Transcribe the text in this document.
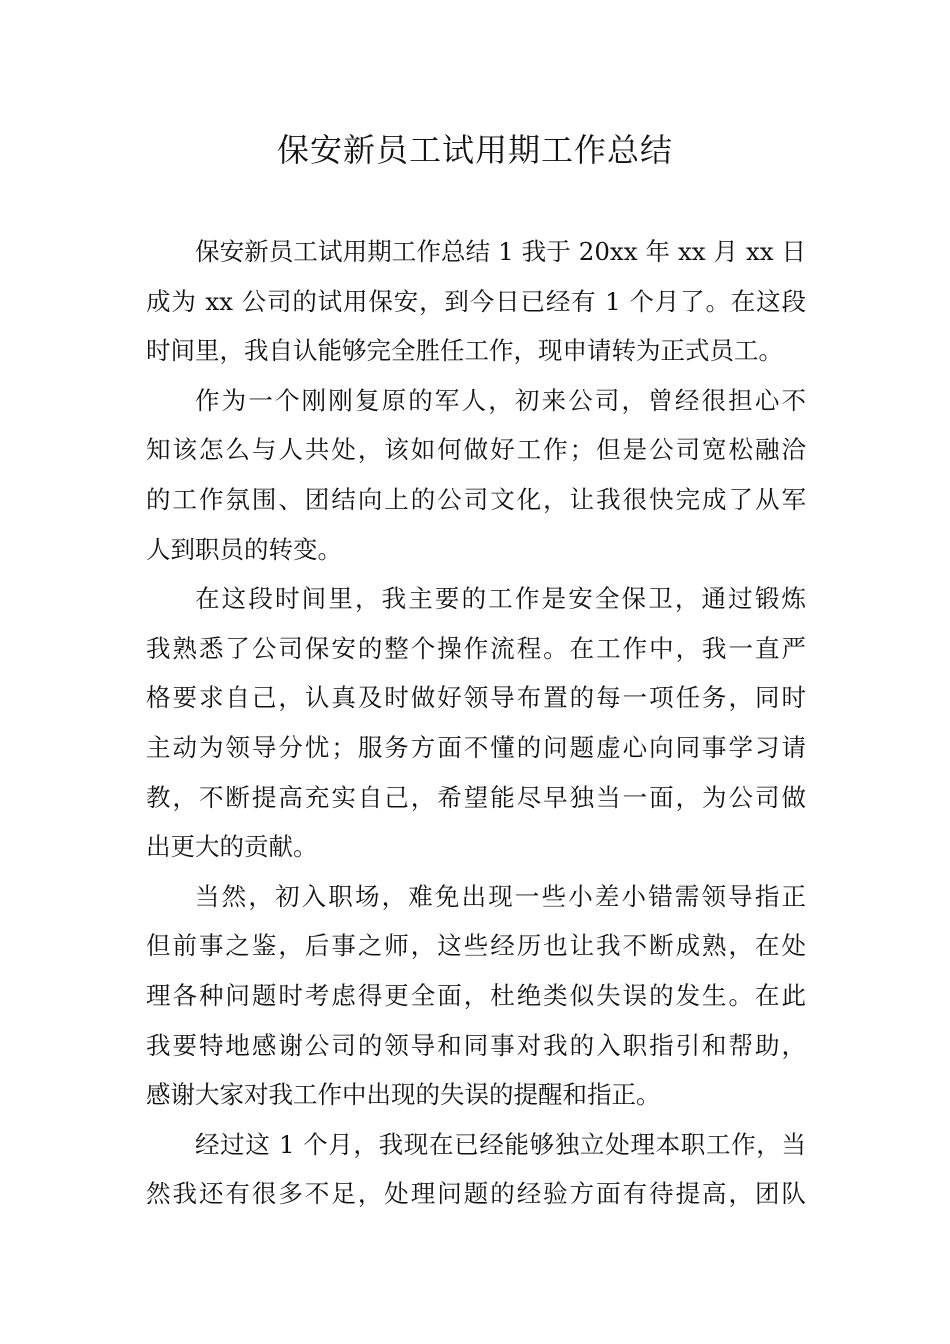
保安新员工试用期工作总结
保安新员工试用期工作总结 1 我于 20xx 年 xx 月 xx 日
成为 xx 公司的试用保安，到今日已经有 1 个月了。在这段
时间里，我自认能够完全胜任工作，现申请转为正式员工。
作为一个刚刚复原的军人，初来公司，曾经很担心不
知该怎么与人共处，该如何做好工作；但是公司宽松融洽
的工作氛围、团结向上的公司文化，让我很快完成了从军
人到职员的转变。
在这段时间里，我主要的工作是安全保卫，通过锻炼
我熟悉了公司保安的整个操作流程。在工作中，我一直严
格要求自己，认真及时做好领导布置的每一项任务，同时
主动为领导分忧；服务方面不懂的问题虚心向同事学习请
教，不断提高充实自己，希望能尽早独当一面，为公司做
出更大的贡献。
当然，初入职场，难免出现一些小差小错需领导指正
但前事之鉴，后事之师，这些经历也让我不断成熟，在处
理各种问题时考虑得更全面，杜绝类似失误的发生。在此
我要特地感谢公司的领导和同事对我的入职指引和帮助，
感谢大家对我工作中出现的失误的提醒和指正。
经过这 1 个月，我现在已经能够独立处理本职工作，当
然我还有很多不足，处理问题的经验方面有待提高，团队
